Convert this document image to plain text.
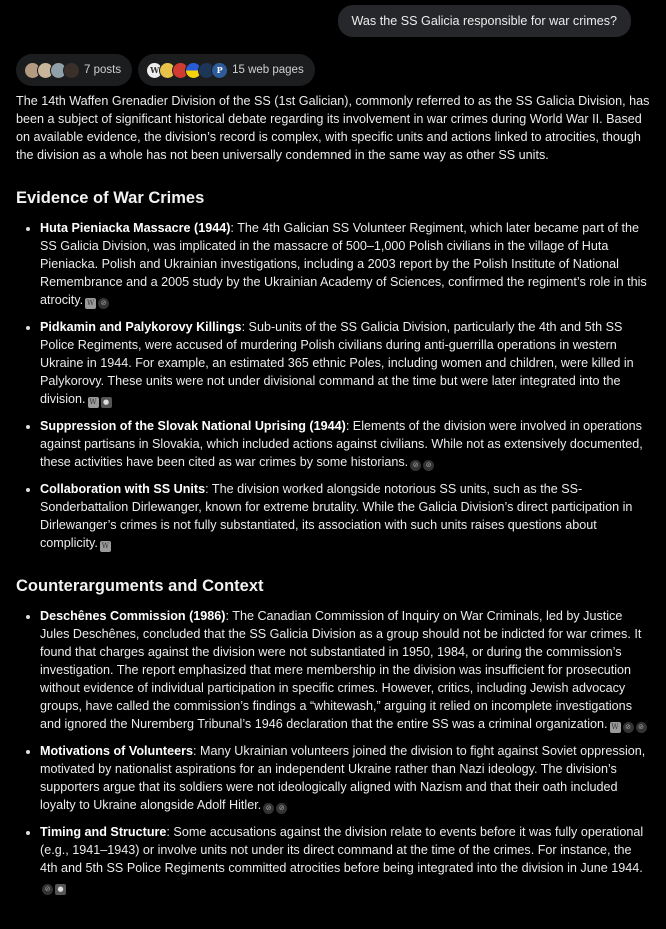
Was the SS Galicia responsible for war crimes?
7 posts	W	P 15 web pages

The 14th Waffen Grenadier Division of the SS (1st Galician), commonly referred to as the SS Galicia Division, has been a subject of significant historical debate regarding its involvement in war crimes during World War II. Based on available evidence, the division’s record is complex, with specific units and actions linked to atrocities, though the division as a whole has not been universally condemned in the same way as other SS units.

Evidence of War Crimes
• Huta Pieniacka Massacre (1944): The 4th Galician SS Volunteer Regiment, which later became part of the SS Galicia Division, was implicated in the massacre of 500–1,000 Polish civilians in the village of Huta Pieniacka. Polish and Ukrainian investigations, including a 2003 report by the Polish Institute of National Remembrance and a 2005 study by the Ukrainian Academy of Sciences, confirmed the regiment’s role in this atrocity. W ⊘
• Pidkamin and Palykorovy Killings: Sub-units of the SS Galicia Division, particularly the 4th and 5th SS Police Regiments, were accused of murdering Polish civilians during anti-guerrilla operations in western Ukraine in 1944. For example, an estimated 365 ethnic Poles, including women and children, were killed in Palykorovy. These units were not under divisional command at the time but were later integrated into the division. W ●
• Suppression of the Slovak National Uprising (1944): Elements of the division were involved in operations against partisans in Slovakia, which included actions against civilians. While not as extensively documented, these activities have been cited as war crimes by some historians. ⊘ ⊘
• Collaboration with SS Units: The division worked alongside notorious SS units, such as the SS-Sonderbattalion Dirlewanger, known for extreme brutality. While the Galicia Division’s direct participation in Dirlewanger’s crimes is not fully substantiated, its association with such units raises questions about complicity. W
Counterarguments and Context
• Deschênes Commission (1986): The Canadian Commission of Inquiry on War Criminals, led by Justice Jules Deschênes, concluded that the SS Galicia Division as a group should not be indicted for war crimes. It found that charges against the division were not substantiated in 1950, 1984, or during the commission’s investigation. The report emphasized that mere membership in the division was insufficient for prosecution without evidence of individual participation in specific crimes. However, critics, including Jewish advocacy groups, have called the commission’s findings a “whitewash,” arguing it relied on incomplete investigations and ignored the Nuremberg Tribunal’s 1946 declaration that the entire SS was a criminal organization. W ⊘ ⊘
• Motivations of Volunteers: Many Ukrainian volunteers joined the division to fight against Soviet oppression, motivated by nationalist aspirations for an independent Ukraine rather than Nazi ideology. The division’s supporters argue that its soldiers were not ideologically aligned with Nazism and that their oath included loyalty to Ukraine alongside Adolf Hitler. ⊘ ⊘
• Timing and Structure: Some accusations against the division relate to events before it was fully operational (e.g., 1941–1943) or involve units not under its direct command at the time of the crimes. For instance, the 4th and 5th SS Police Regiments committed atrocities before being integrated into the division in June 1944.⊘ ●
